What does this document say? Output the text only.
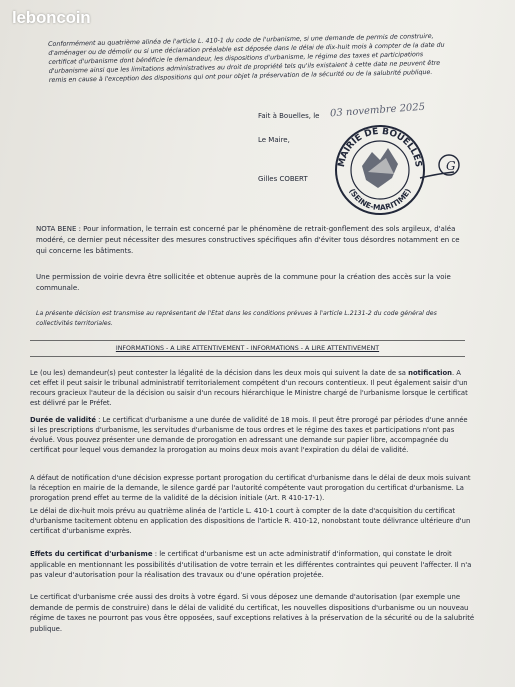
leboncoin

Conformément au quatrième alinéa de l'article L. 410-1 du code de l'urbanisme, si une demande de permis de construire, d'aménager ou de démolir ou si une déclaration préalable est déposée dans le délai de dix-huit mois à compter de la date du certificat d'urbanisme dont bénéficie le demandeur, les dispositions d'urbanisme, le régime des taxes et participations d'urbanisme ainsi que les limitations administratives au droit de propriété tels qu'ils existaient à cette date ne peuvent être remis en cause à l'exception des dispositions qui ont pour objet la préservation de la sécurité ou de la salubrité publique.

Fait à Bouelles, le 03 novembre 2025
Le Maire,
Gilles COBERT
MAIRIE DE BOUELLES
(SEINE-MARITIME)
G

NOTA BENE : Pour information, le terrain est concerné par le phénomène de retrait-gonflement des sols argileux, d'aléa modéré, ce dernier peut nécessiter des mesures constructives spécifiques afin d'éviter tous désordres notamment en ce qui concerne les bâtiments.

Une permission de voirie devra être sollicitée et obtenue auprès de la commune pour la création des accès sur la voie communale.

La présente décision est transmise au représentant de l'Etat dans les conditions prévues à l'article L.2131-2 du code général des collectivités territoriales.

INFORMATIONS - A LIRE ATTENTIVEMENT - INFORMATIONS - A LIRE ATTENTIVEMENT

Le (ou les) demandeur(s) peut contester la légalité de la décision dans les deux mois qui suivent la date de sa notification. A cet effet il peut saisir le tribunal administratif territorialement compétent d'un recours contentieux. Il peut également saisir d'un recours gracieux l'auteur de la décision ou saisir d'un recours hiérarchique le Ministre chargé de l'urbanisme lorsque le certificat est délivré par le Préfet.

Durée de validité : Le certificat d'urbanisme a une durée de validité de 18 mois. Il peut être prorogé par périodes d'une année si les prescriptions d'urbanisme, les servitudes d'urbanisme de tous ordres et le régime des taxes et participations n'ont pas évolué. Vous pouvez présenter une demande de prorogation en adressant une demande sur papier libre, accompagnée du certificat pour lequel vous demandez la prorogation au moins deux mois avant l'expiration du délai de validité.

A défaut de notification d'une décision expresse portant prorogation du certificat d'urbanisme dans le délai de deux mois suivant la réception en mairie de la demande, le silence gardé par l'autorité compétente vaut prorogation du certificat d'urbanisme. La prorogation prend effet au terme de la validité de la décision initiale (Art. R 410-17-1).

Le délai de dix-huit mois prévu au quatrième alinéa de l'article L. 410-1 court à compter de la date d'acquisition du certificat d'urbanisme tacitement obtenu en application des dispositions de l'article R. 410-12, nonobstant toute délivrance ultérieure d'un certificat d'urbanisme exprès.

Effets du certificat d'urbanisme : le certificat d'urbanisme est un acte administratif d'information, qui constate le droit applicable en mentionnant les possibilités d'utilisation de votre terrain et les différentes contraintes qui peuvent l'affecter. Il n'a pas valeur d'autorisation pour la réalisation des travaux ou d'une opération projetée.

Le certificat d'urbanisme crée aussi des droits à votre égard. Si vous déposez une demande d'autorisation (par exemple une demande de permis de construire) dans le délai de validité du certificat, les nouvelles dispositions d'urbanisme ou un nouveau régime de taxes ne pourront pas vous être opposées, sauf exceptions relatives à la préservation de la sécurité ou de la salubrité publique.
